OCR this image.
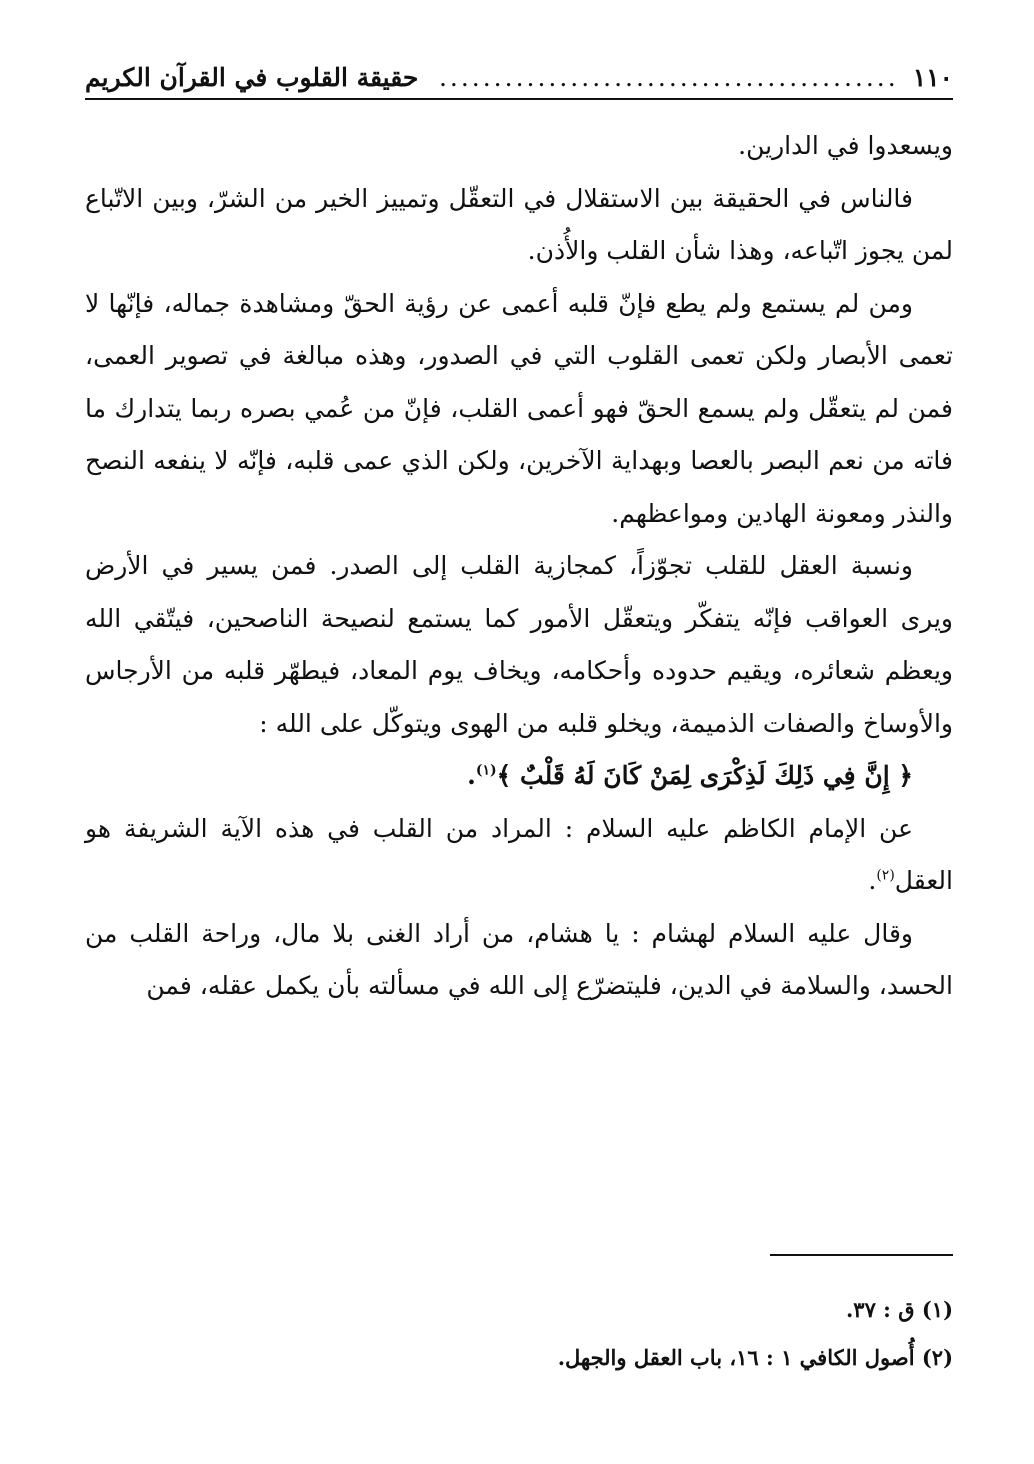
١١٠
..........................................
حقيقة القلوب في القرآن الكريم

ويسعدوا في الدارين.

فالناس في الحقيقة بين الاستقلال في التعقّل وتمييز الخير من الشرّ، وبين الاتّباع لمن يجوز اتّباعه، وهذا شأن القلب والأُذن.

ومن لم يستمع ولم يطع فإنّ قلبه أعمى عن رؤية الحقّ ومشاهدة جماله، فإنّها لا تعمى الأبصار ولكن تعمى القلوب التي في الصدور، وهذه مبالغة في تصوير العمى، فمن لم يتعقّل ولم يسمع الحقّ فهو أعمى القلب، فإنّ من عُمي بصره ربما يتدارك ما فاته من نعم البصر بالعصا وبهداية الآخرين، ولكن الذي عمى قلبه، فإنّه لا ينفعه النصح والنذر ومعونة الهادين ومواعظهم.

ونسبة العقل للقلب تجوّزاً، كمجازية القلب إلى الصدر. فمن يسير في الأرض ويرى العواقب فإنّه يتفكّر ويتعقّل الأمور كما يستمع لنصيحة الناصحين، فيتّقي الله ويعظم شعائره، ويقيم حدوده وأحكامه، ويخاف يوم المعاد، فيطهّر قلبه من الأرجاس والأوساخ والصفات الذميمة، ويخلو قلبه من الهوى ويتوكّل على الله :

﴿ إِنَّ فِي ذَلِكَ لَذِكْرَى لِمَنْ كَانَ لَهُ قَلْبٌ ﴾$^{(١)}$.

عن الإمام الكاظم عليه السلام : المراد من القلب في هذه الآية الشريفة هو العقل$^{(٢)}$.

وقال عليه السلام لهشام : يا هشام، من أراد الغنى بلا مال، وراحة القلب من الحسد، والسلامة في الدين، فليتضرّع إلى الله في مسألته بأن يكمل عقله، فمن

(١) ق : ٣٧.
(٢) أُصول الكافي ١ : ١٦، باب العقل والجهل.
